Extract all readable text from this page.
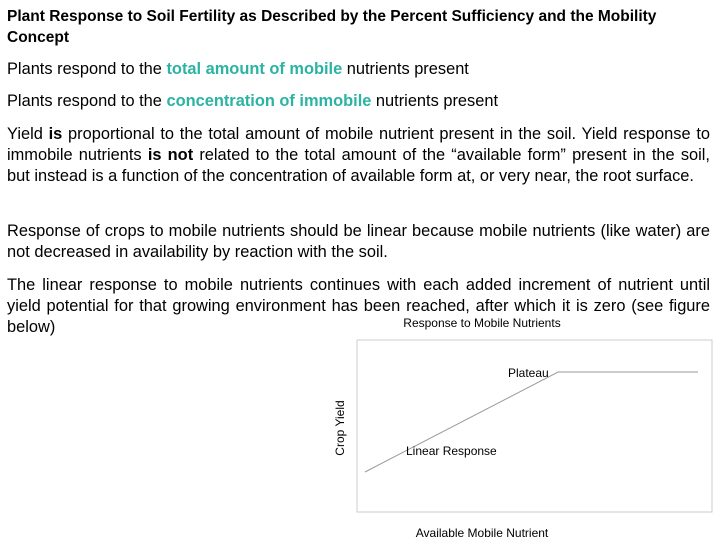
Plant Response to Soil Fertility as Described by the Percent Sufficiency and the Mobility Concept

Plants respond to the total amount of mobile nutrients present
Plants respond to the concentration of immobile nutrients present
Yield is proportional to the total amount of mobile nutrient present in the soil. Yield response to immobile nutrients is not related to the total amount of the “available form” present in the soil, but instead is a function of the concentration of available form at, or very near, the root surface.
Response of crops to mobile nutrients should be linear because mobile nutrients (like water) are not decreased in availability by reaction with the soil.
The linear response to mobile nutrients continues with each added increment of nutrient until yield potential for that growing environment has been reached, after which it is zero (see figure below)	Response to Mobile Nutrients
Plateau
Linear Response
Crop Yield
Available Mobile Nutrient
